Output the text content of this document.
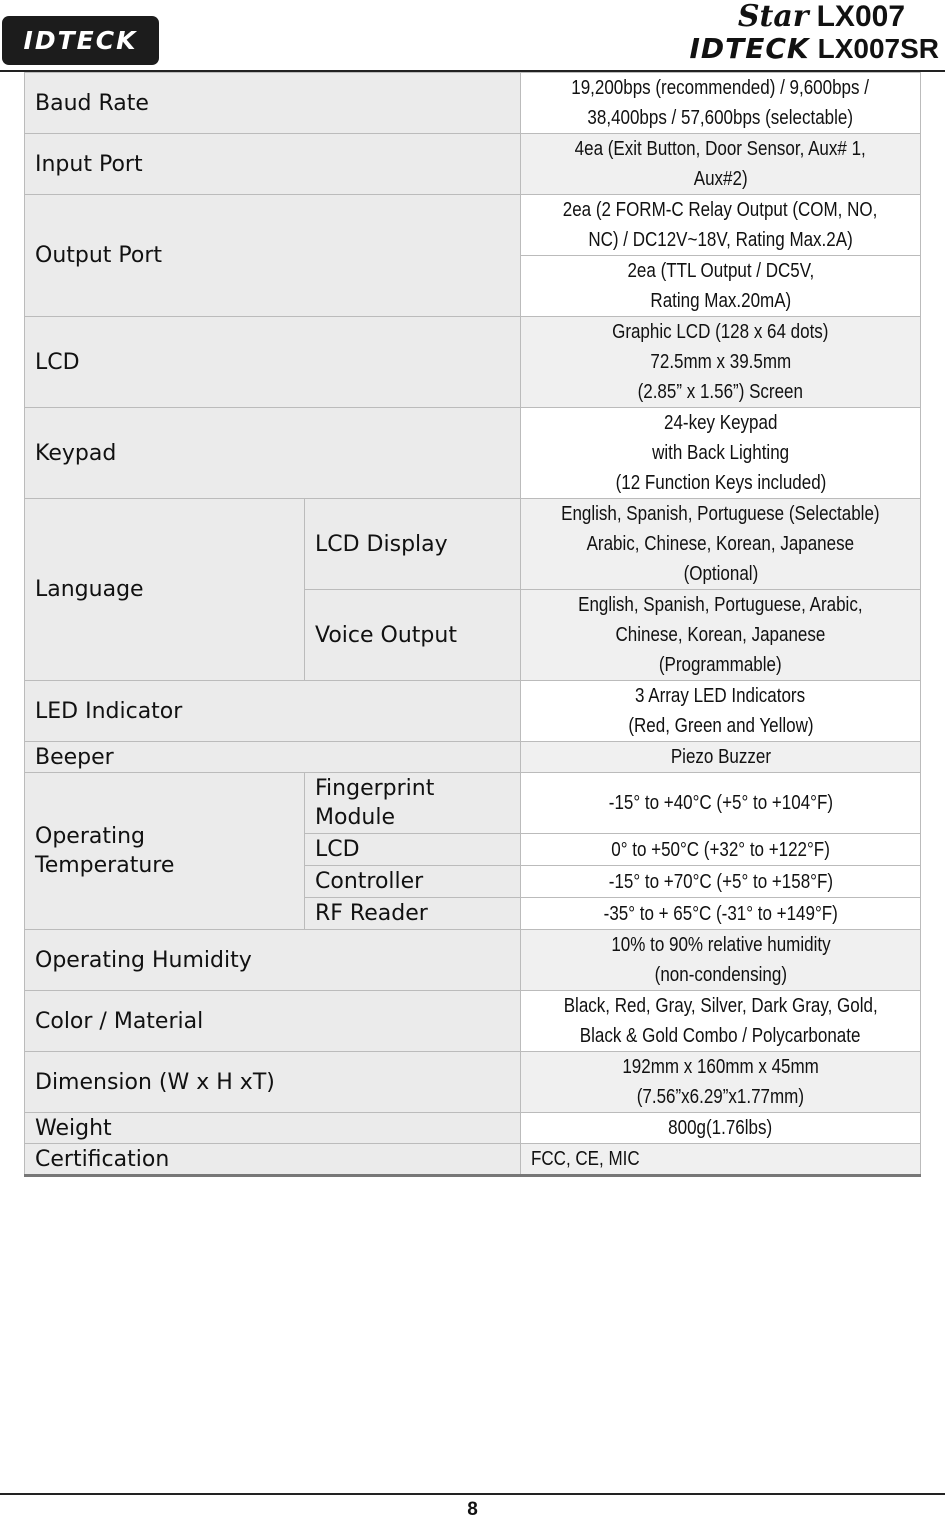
IDTECK
Star LX007
IDTECK LX007SR
Baud Rate		19,200bps (recommended) / 9,600bps /
38,400bps / 57,600bps (selectable)
Input Port		4ea (Exit Button, Door Sensor, Aux# 1,
Aux#2)
Output Port		2ea (2 FORM-C Relay Output (COM, NO,
NC) / DC12V~18V, Rating Max.2A)
		2ea (TTL Output / DC5V,
Rating Max.20mA)
LCD		Graphic LCD (128 x 64 dots)
72.5mm x 39.5mm
(2.85” x 1.56”) Screen
Keypad		24-key Keypad
with Back Lighting
(12 Function Keys included)
Language	LCD Display	English, Spanish, Portuguese (Selectable)
Arabic, Chinese, Korean, Japanese
(Optional)
	Voice Output	English, Spanish, Portuguese, Arabic,
Chinese, Korean, Japanese
(Programmable)
LED Indicator		3 Array LED Indicators
(Red, Green and Yellow)
Beeper		Piezo Buzzer
Operating
Temperature	Fingerprint
Module	-15° to +40°C (+5° to +104°F)
	LCD	0° to +50°C (+32° to +122°F)
	Controller	-15° to +70°C (+5° to +158°F)
	RF Reader	-35° to + 65°C (-31° to +149°F)
Operating Humidity		10% to 90% relative humidity
(non-condensing)
Color / Material		Black, Red, Gray, Silver, Dark Gray, Gold,
Black & Gold Combo / Polycarbonate
Dimension (W x H xT)		192mm x 160mm x 45mm
(7.56”x6.29”x1.77mm)
Weight		800g(1.76lbs)
Certification		FCC, CE, MIC
8
